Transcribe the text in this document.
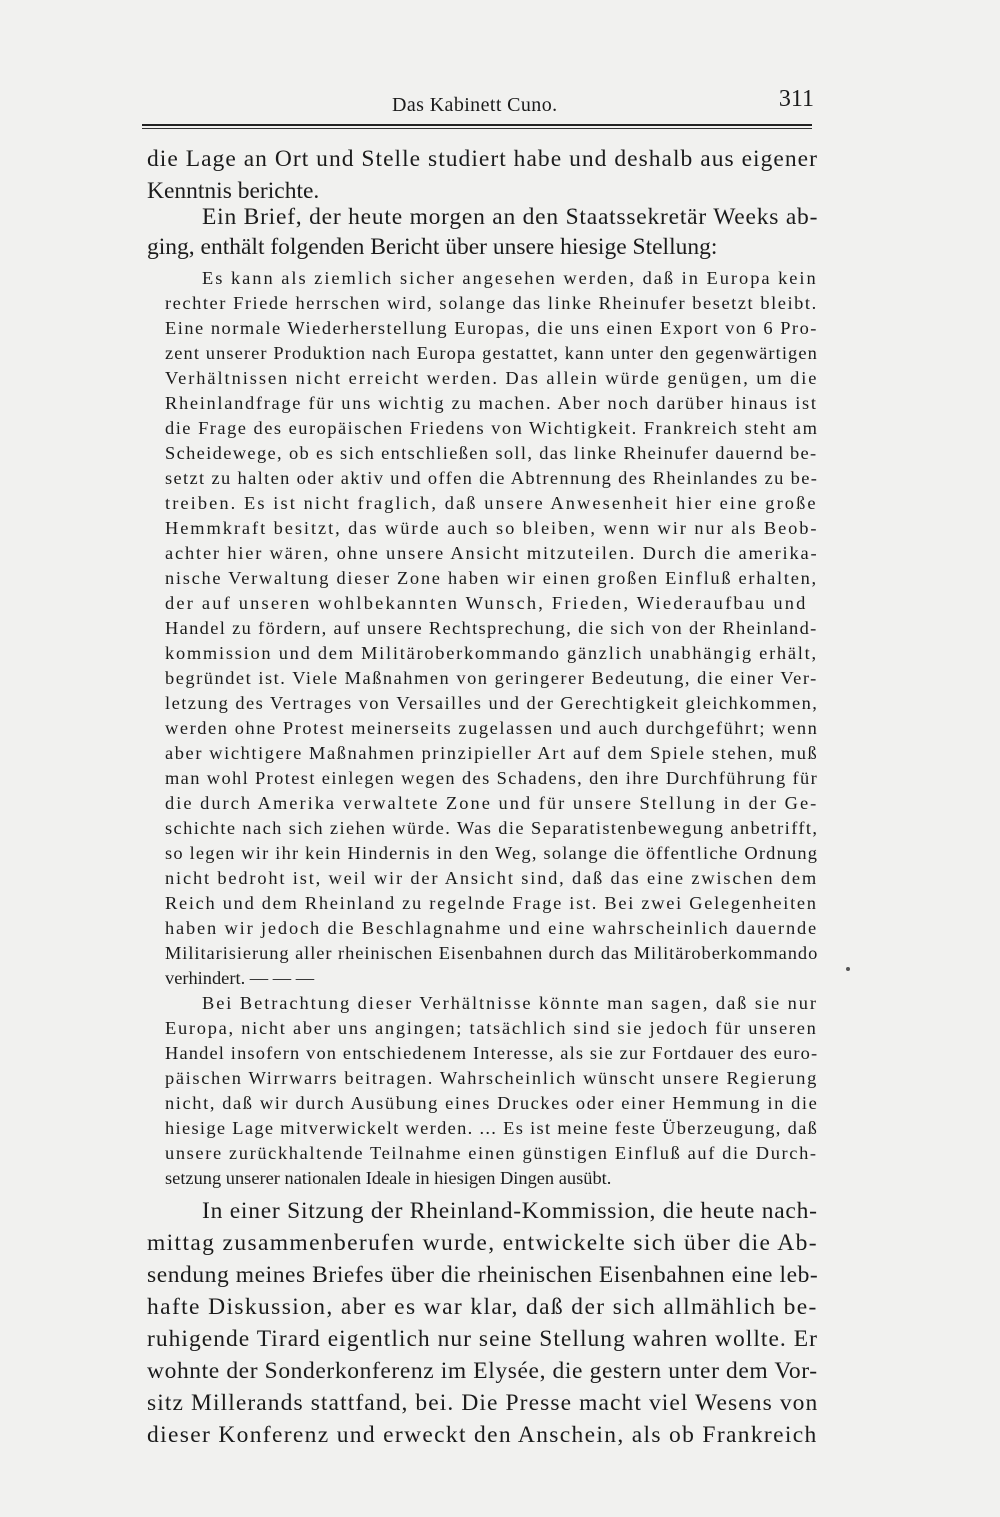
Das Kabinett Cuno.	311

die Lage an Ort und Stelle studiert habe und deshalb aus eigener

Kenntnis berichte.

Ein Brief, der heute morgen an den Staatssekretär Weeks ab-

ging, enthält folgenden Bericht über unsere hiesige Stellung:

Es kann als ziemlich sicher angesehen werden, daß in Europa kein

rechter Friede herrschen wird, solange das linke Rheinufer besetzt bleibt.

Eine normale Wiederherstellung Europas, die uns einen Export von 6 Pro-

zent unserer Produktion nach Europa gestattet, kann unter den gegenwärtigen

Verhältnissen nicht erreicht werden. Das allein würde genügen, um die

Rheinlandfrage für uns wichtig zu machen. Aber noch darüber hinaus ist

die Frage des europäischen Friedens von Wichtigkeit. Frankreich steht am

Scheidewege, ob es sich entschließen soll, das linke Rheinufer dauernd be-

setzt zu halten oder aktiv und offen die Abtrennung des Rheinlandes zu be-

treiben. Es ist nicht fraglich, daß unsere Anwesenheit hier eine große

Hemmkraft besitzt, das würde auch so bleiben, wenn wir nur als Beob-

achter hier wären, ohne unsere Ansicht mitzuteilen. Durch die amerika-

nische Verwaltung dieser Zone haben wir einen großen Einfluß erhalten,

der auf unseren wohlbekannten Wunsch, Frieden, Wiederaufbau und

Handel zu fördern, auf unsere Rechtsprechung, die sich von der Rheinland-

kommission und dem Militäroberkommando gänzlich unabhängig erhält,

begründet ist. Viele Maßnahmen von geringerer Bedeutung, die einer Ver-

letzung des Vertrages von Versailles und der Gerechtigkeit gleichkommen,

werden ohne Protest meinerseits zugelassen und auch durchgeführt; wenn

aber wichtigere Maßnahmen prinzipieller Art auf dem Spiele stehen, muß

man wohl Protest einlegen wegen des Schadens, den ihre Durchführung für

die durch Amerika verwaltete Zone und für unsere Stellung in der Ge-

schichte nach sich ziehen würde. Was die Separatistenbewegung anbetrifft,

so legen wir ihr kein Hindernis in den Weg, solange die öffentliche Ordnung

nicht bedroht ist, weil wir der Ansicht sind, daß das eine zwischen dem

Reich und dem Rheinland zu regelnde Frage ist. Bei zwei Gelegenheiten

haben wir jedoch die Beschlagnahme und eine wahrscheinlich dauernde

Militarisierung aller rheinischen Eisenbahnen durch das Militäroberkommando

verhindert. — — —

Bei Betrachtung dieser Verhältnisse könnte man sagen, daß sie nur

Europa, nicht aber uns angingen; tatsächlich sind sie jedoch für unseren

Handel insofern von entschiedenem Interesse, als sie zur Fortdauer des euro-

päischen Wirrwarrs beitragen. Wahrscheinlich wünscht unsere Regierung

nicht, daß wir durch Ausübung eines Druckes oder einer Hemmung in die

hiesige Lage mitverwickelt werden. ... Es ist meine feste Überzeugung, daß

unsere zurückhaltende Teilnahme einen günstigen Einfluß auf die Durch-

setzung unserer nationalen Ideale in hiesigen Dingen ausübt.

In einer Sitzung der Rheinland-Kommission, die heute nach-

mittag zusammenberufen wurde, entwickelte sich über die Ab-

sendung meines Briefes über die rheinischen Eisenbahnen eine leb-

hafte Diskussion, aber es war klar, daß der sich allmählich be-

ruhigende Tirard eigentlich nur seine Stellung wahren wollte. Er

wohnte der Sonderkonferenz im Elysée, die gestern unter dem Vor-

sitz Millerands stattfand, bei. Die Presse macht viel Wesens von

dieser Konferenz und erweckt den Anschein, als ob Frankreich
